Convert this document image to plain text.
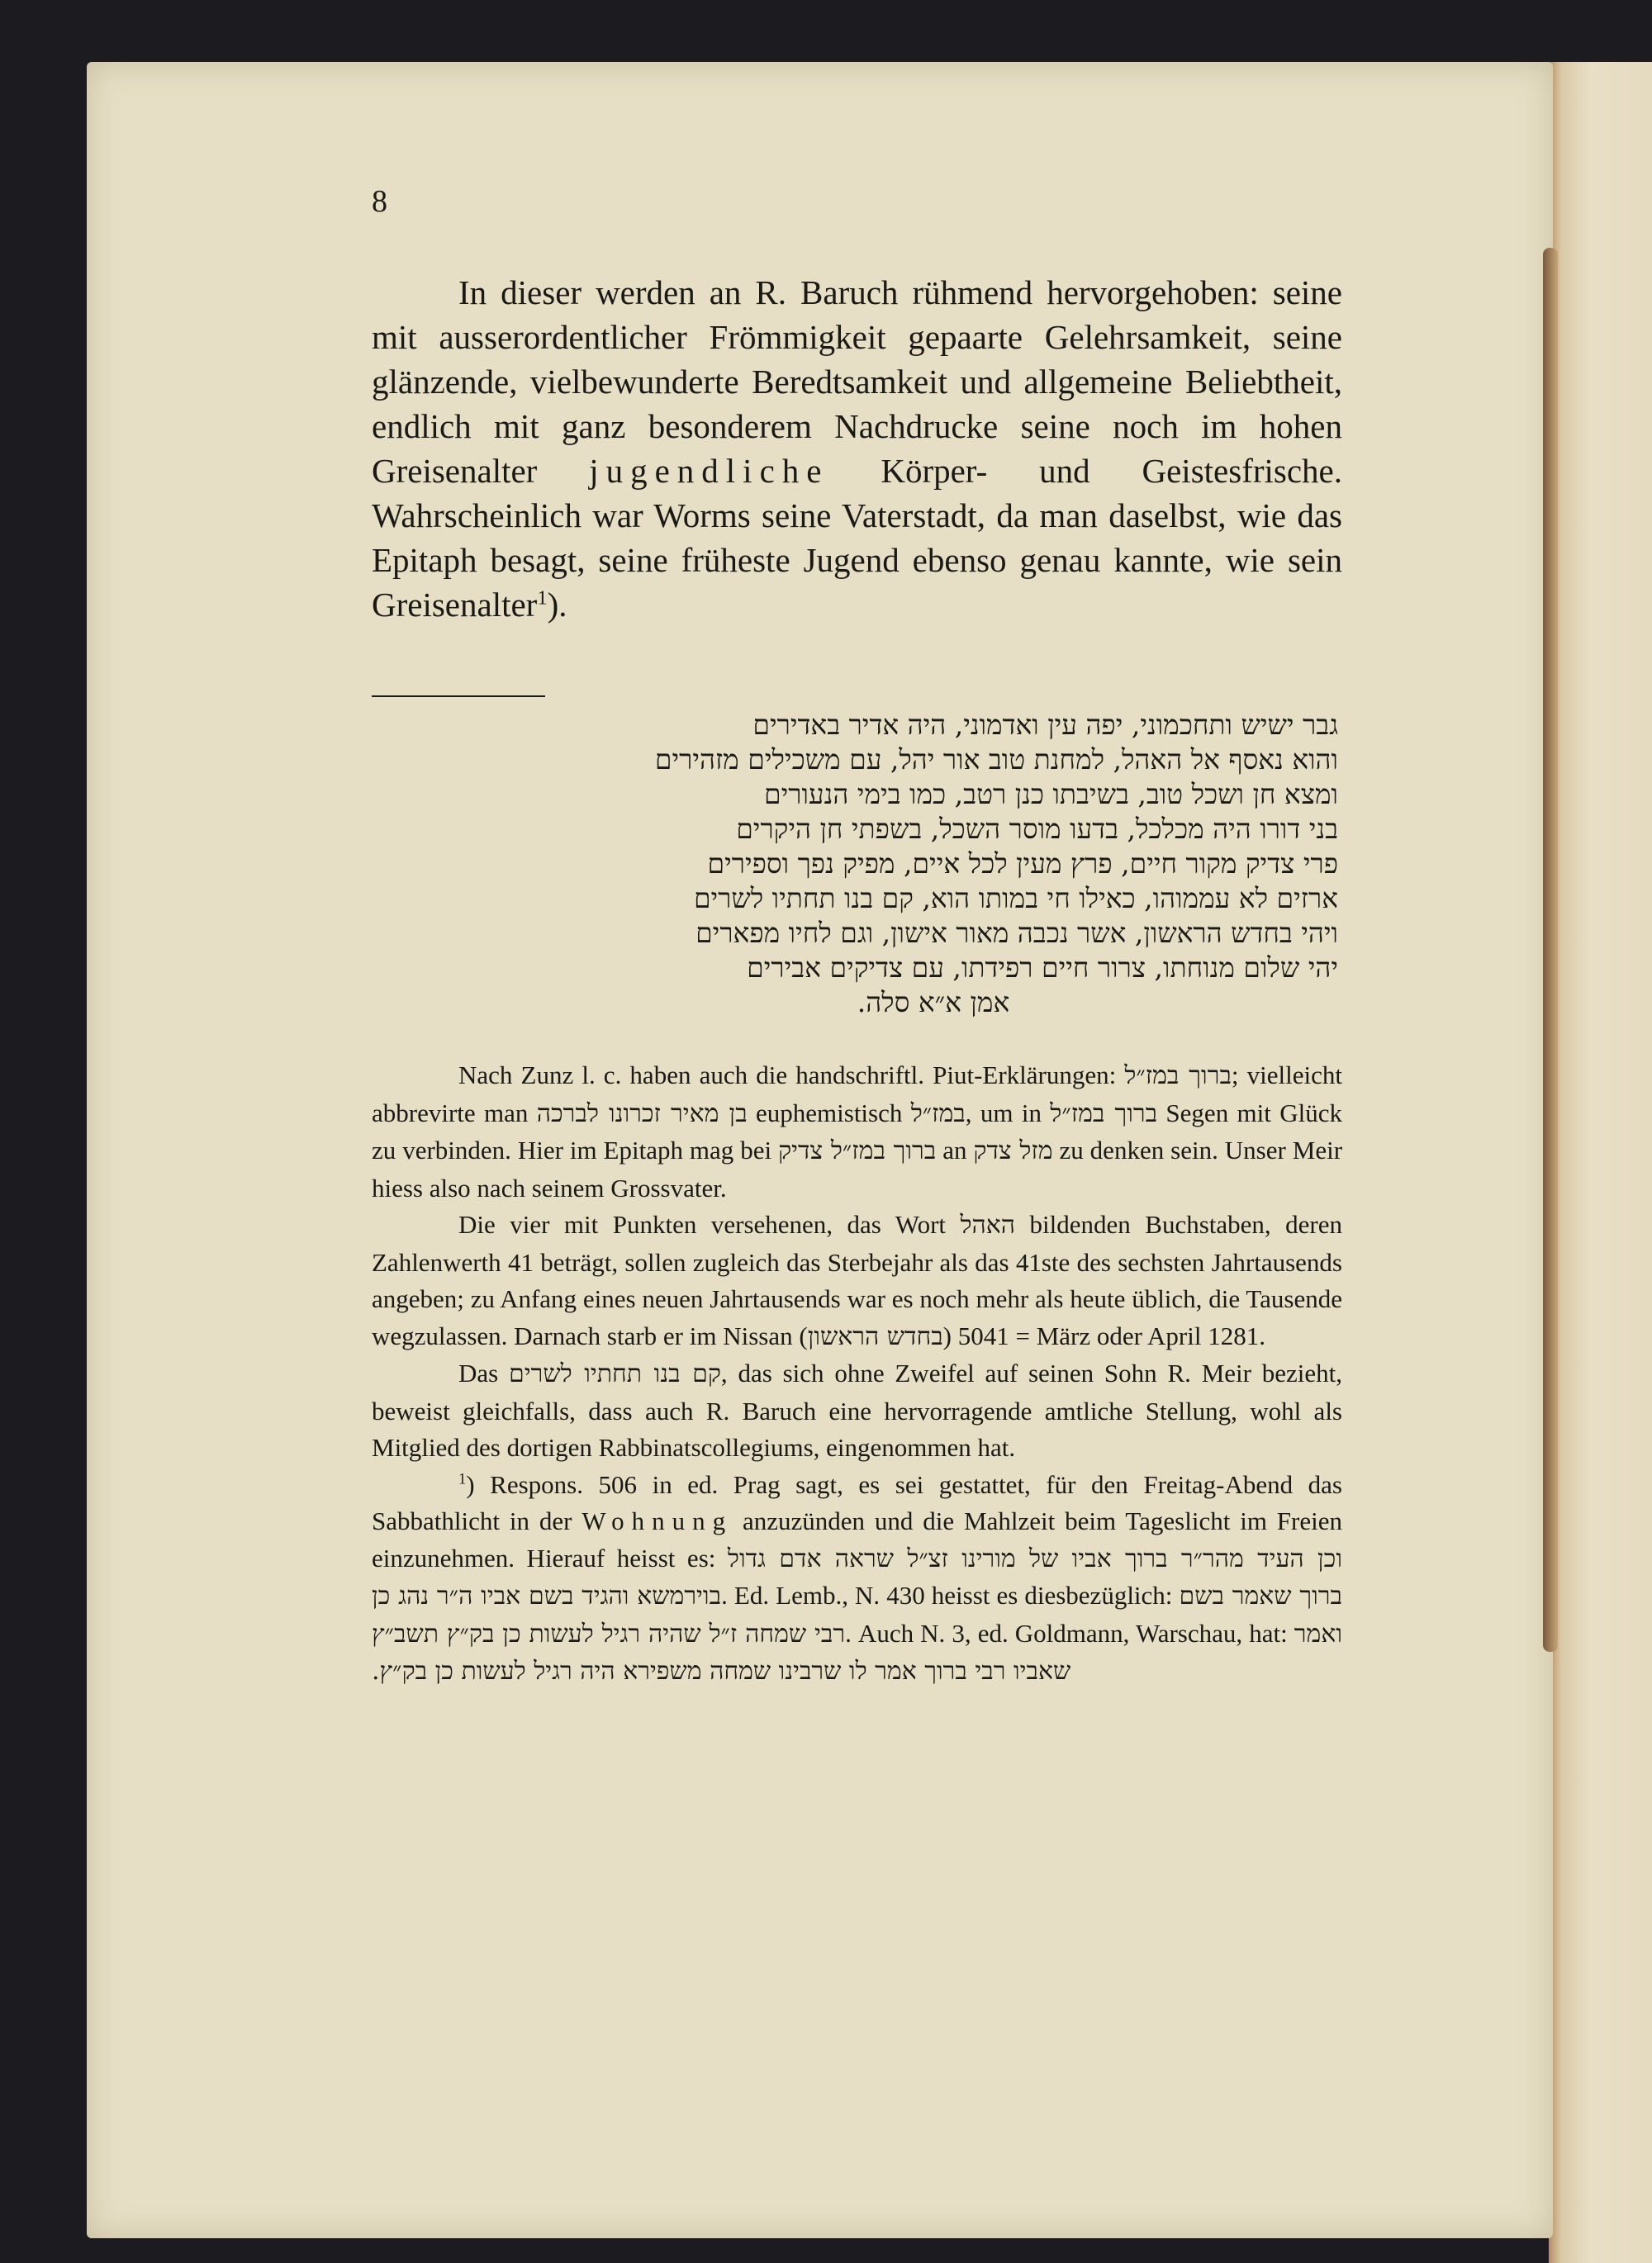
8

In dieser werden an R. Baruch rühmend hervorgehoben: seine mit ausserordentlicher Frömmigkeit gepaarte Gelehrsamkeit, seine glänzende, vielbewunderte Beredtsamkeit und allgemeine Beliebtheit, endlich mit ganz besonderem Nachdrucke seine noch im hohen Greisenalter jugendliche Körper- und Geistesfrische. Wahrscheinlich war Worms seine Vaterstadt, da man daselbst, wie das Epitaph besagt, seine früheste Jugend ebenso genau kannte, wie sein Greisenalter$^1$).

גבר ישיש ותחכמוני, יפה עין ואדמוני, היה אדיר באדירים
והוא נאסף אל האהל, למחנת טוב אור יהל, עם משכילים מזהירים
ומצא חן ושכל טוב, בשיבתו כנן רטב, כמו בימי הנעורים
בני דורו היה מכלכל, בדעו מוסר השכל, בשפתי חן היקרים
פרי צדיק מקור חיים, פרץ מעין לכל איים, מפיק נפך וספירים
ארזים לא עממוהו, כאילו חי במותו הוא, קם בנו תחתיו לשרים
ויהי בחדש הראשון, אשר נכבה מאור אישון, וגם לחיו מפארים
יהי שלום מנוחתו, צרור חיים רפידתו, עם צדיקים אבירים
אמן א״א סלה.

Nach Zunz l. c. haben auch die handschriftl. Piut-Erklärungen: ברוך במז״ל; vielleicht abbrevirte man בן מאיר זכרונו לברכה euphemistisch במז״ל, um in ברוך במז״ל Segen mit Glück zu verbinden. Hier im Epitaph mag bei ברוך במז״ל צדיק an מזל צדק zu denken sein. Unser Meir hiess also nach seinem Grossvater.

Die vier mit Punkten versehenen, das Wort האהל bildenden Buchstaben, deren Zahlenwerth 41 beträgt, sollen zugleich das Sterbejahr als das 41ste des sechsten Jahrtausends angeben; zu Anfang eines neuen Jahrtausends war es noch mehr als heute üblich, die Tausende wegzulassen. Darnach starb er im Nissan (בחדש הראשון) 5041 = März oder April 1281.

Das קם בנו תחתיו לשרים, das sich ohne Zweifel auf seinen Sohn R. Meir bezieht, beweist gleichfalls, dass auch R. Baruch eine hervorragende amtliche Stellung, wohl als Mitglied des dortigen Rabbinatscollegiums, eingenommen hat.

$^1$) Respons. 506 in ed. Prag sagt, es sei gestattet, für den Freitag-Abend das Sabbathlicht in der Wohnung anzuzünden und die Mahlzeit beim Tageslicht im Freien einzunehmen. Hierauf heisst es: וכן העיד מהר״ר ברוך אביו של מורינו זצ״ל שראה אדם גדול בוירמשא והגיד בשם אביו ה״ר נהג כן. Ed. Lemb., N. 430 heisst es diesbezüglich: ברוך שאמר בשם רבי שמחה ז״ל שהיה רגיל לעשות כן בק״ץ תשב״ץ. Auch N. 3, ed. Goldmann, Warschau, hat: ואמר שאביו רבי ברוך אמר לו שרבינו שמחה משפירא היה רגיל לעשות כן בק״ץ.
